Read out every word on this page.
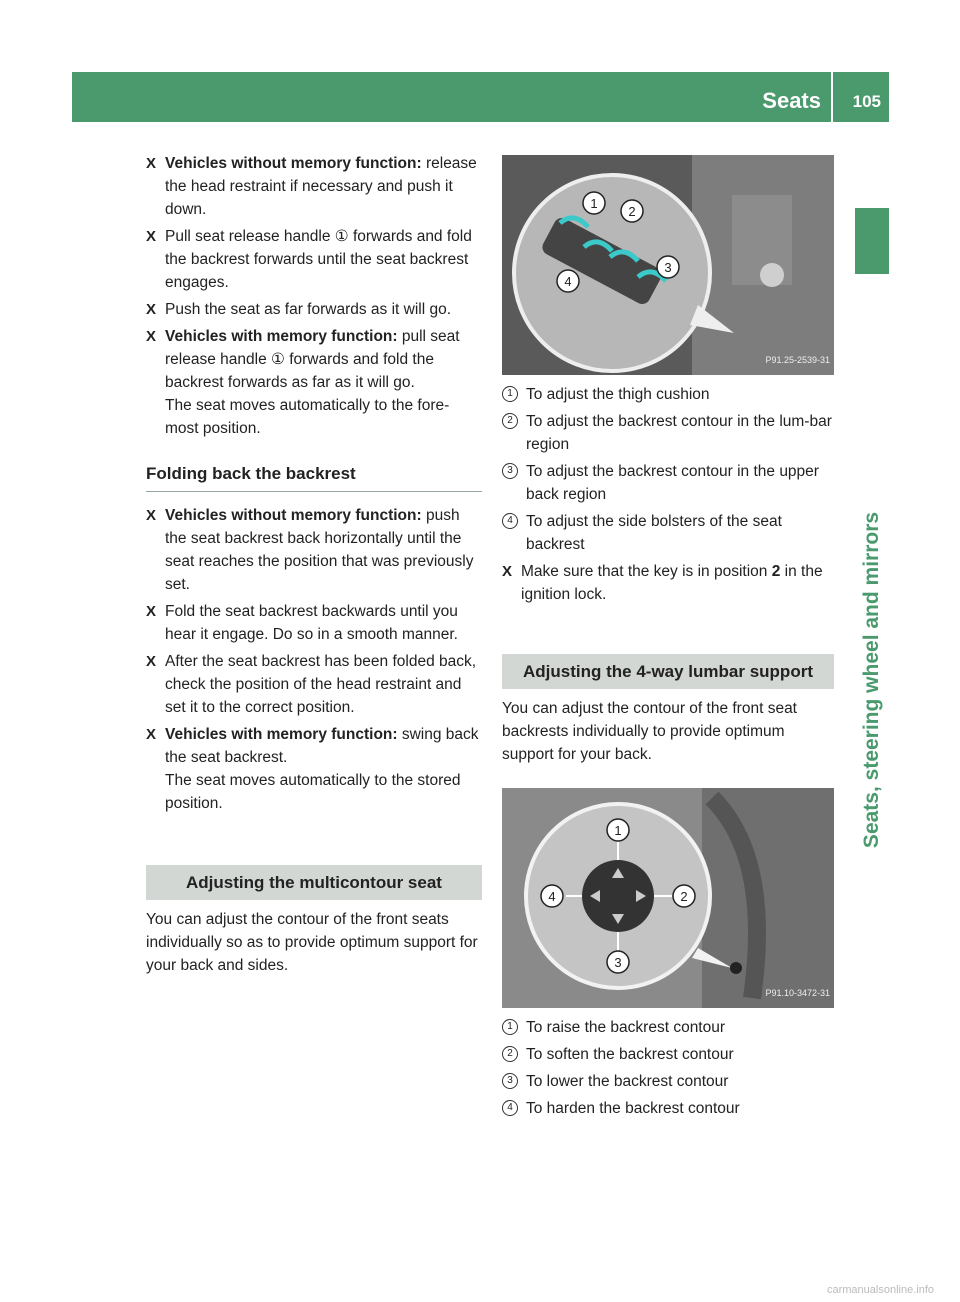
Seats 105
Seats, steering wheel and mirrors

X Vehicles without memory function: release the head restraint if necessary and push it down.

X Pull seat release handle ① forwards and fold the backrest forwards until the seat backrest engages.

X Push the seat as far forwards as it will go.

X Vehicles with memory function: pull seat release handle ① forwards and fold the backrest forwards as far as it will go.

The seat moves automatically to the fore-most position.

Folding back the backrest

X Vehicles without memory function: push the seat backrest back horizontally until the seat reaches the position that was previously set.

X Fold the seat backrest backwards until you hear it engage. Do so in a smooth manner.

X After the seat backrest has been folded back, check the position of the head restraint and set it to the correct position.

X Vehicles with memory function: swing back the seat backrest.

The seat moves automatically to the stored position.

Adjusting the multicontour seat

You can adjust the contour of the front seats individually so as to provide optimum support for your back and sides.

1
2
3
4
P91.25-2539-31
1 To adjust the thigh cushion
2 To adjust the backrest contour in the lum-bar region
3 To adjust the backrest contour in the upper back region
4 To adjust the side bolsters of the seat backrest

X Make sure that the key is in position 2 in the ignition lock.

Adjusting the 4-way lumbar support

You can adjust the contour of the front seat backrests individually to provide optimum support for your back.

1
2
3
4
P91.10-3472-31
1 To raise the backrest contour
2 To soften the backrest contour
3 To lower the backrest contour
4 To harden the backrest contour
carmanualsonline.info
